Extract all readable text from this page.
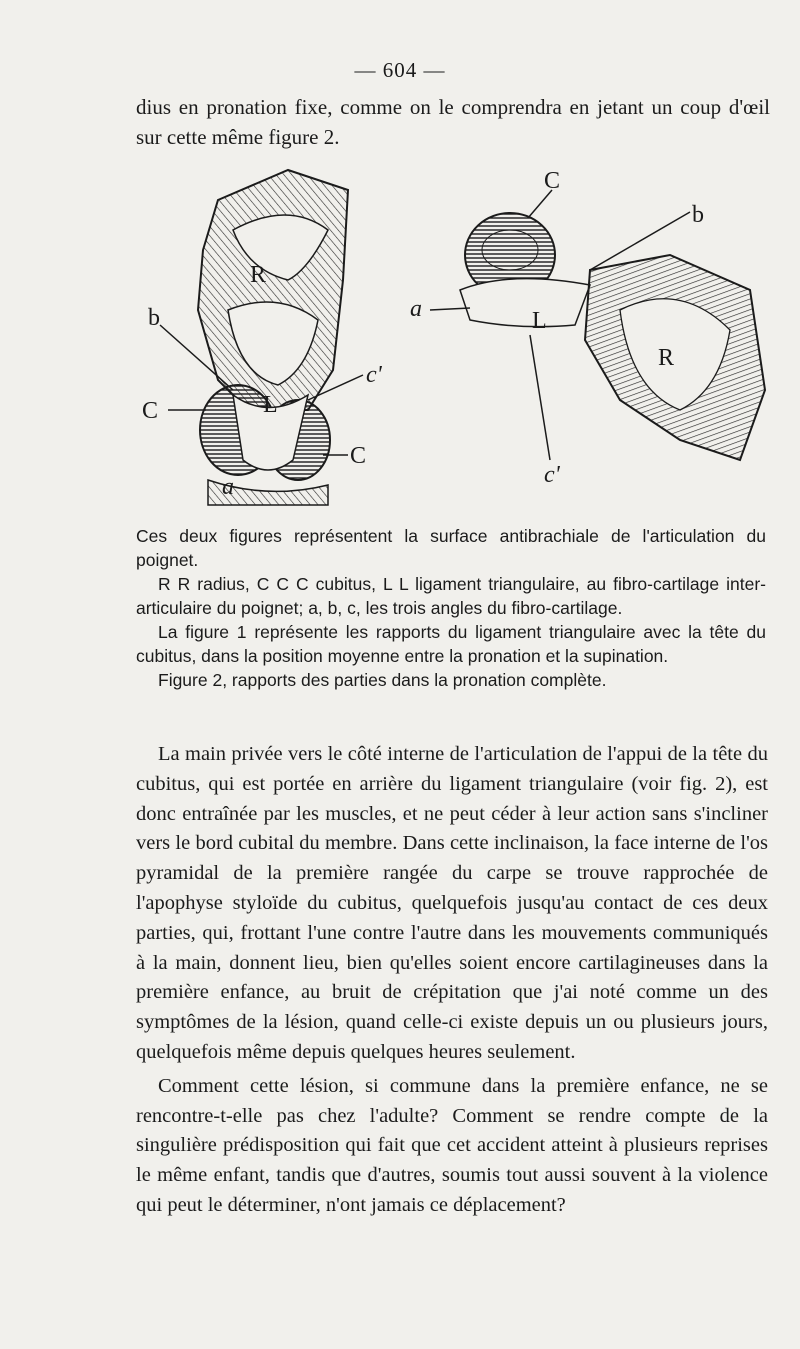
— 604 —

dius en pronation fixe, comme on le comprendra en jetant un coup d'œil sur cette même figure 2.

R
L
b
c'
C
C
a
C
b
a	L
R
c'

Ces deux figures représentent la surface antibrachiale de l'articulation du poignet.

R R radius, C C C cubitus, L L ligament triangulaire, au fibro-cartilage inter-articulaire du poignet; a, b, c, les trois angles du fibro-cartilage.

La figure 1 représente les rapports du ligament triangulaire avec la tête du cubitus, dans la position moyenne entre la pronation et la supination.

Figure 2, rapports des parties dans la pronation complète.

La main privée vers le côté interne de l'articulation de l'appui de la tête du cubitus, qui est portée en arrière du ligament triangulaire (voir fig. 2), est donc entraînée par les muscles, et ne peut céder à leur action sans s'incliner vers le bord cubital du membre. Dans cette inclinaison, la face interne de l'os pyramidal de la première rangée du carpe se trouve rapprochée de l'apophyse styloïde du cubitus, quelquefois jusqu'au contact de ces deux parties, qui, frottant l'une contre l'autre dans les mouvements communiqués à la main, donnent lieu, bien qu'elles soient encore cartilagineuses dans la première enfance, au bruit de crépitation que j'ai noté comme un des symptômes de la lésion, quand celle-ci existe depuis un ou plusieurs jours, quelquefois même depuis quelques heures seulement.

Comment cette lésion, si commune dans la première enfance, ne se rencontre-t-elle pas chez l'adulte? Comment se rendre compte de la singulière prédisposition qui fait que cet accident atteint à plusieurs reprises le même enfant, tandis que d'autres, soumis tout aussi souvent à la violence qui peut le déterminer, n'ont jamais ce déplacement?
